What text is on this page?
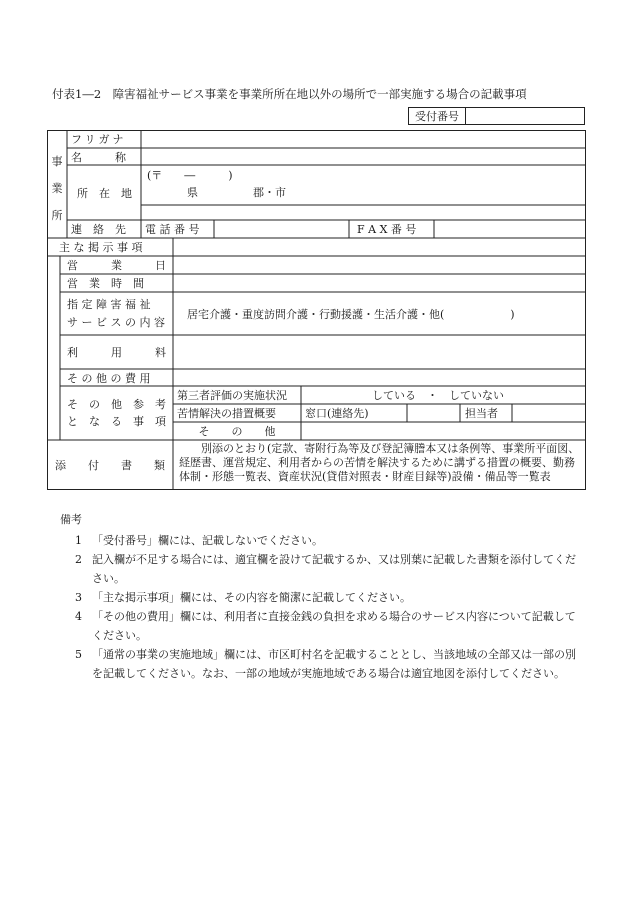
付表1―2　障害福祉サービス事業を事業所所在地以外の場所で一部実施する場合の記載事項
受付番号
事
業
所
フリガナ
名　　　称
所　在　地
(〒　　―　　　)
県　　　　　郡・市
連　絡　先	電 話 番 号	F A X 番 号
主 な 掲 示 事 項
営　　　業　　　日
営　業　時　間
指 定 障 害 福 祉
サ ー ビ ス の 内 容
居宅介護・重度訪問介護・行動援護・生活介護・他(　　　　　　)
利　　　用　　　料
そ の 他 の 費 用
そ　の　他　参　考
と　な　る　事　項
第三者評価の実施状況	している　・　していない
苦情解決の措置概要	窓口(連絡先)	担当者
そ　　の　　他
添　　付　　書　　類
別添のとおり(定款、寄附行為等及び登記簿謄本又は条例等、事業所平面図、経歴書、運営規定、利用者からの苦情を解決するために講ずる措置の概要、勤務体制・形態一覧表、資産状況(貸借対照表・財産目録等)設備・備品等一覧表
備考
1 「受付番号」欄には、記載しないでください。
2 記入欄が不足する場合には、適宜欄を設けて記載するか、又は別葉に記載した書類を添付してください。
3 「主な掲示事項」欄には、その内容を簡潔に記載してください。
4 「その他の費用」欄には、利用者に直接金銭の負担を求める場合のサービス内容について記載してください。
5 「通常の事業の実施地域」欄には、市区町村名を記載することとし、当該地域の全部又は一部の別を記載してください。なお、一部の地域が実施地域である場合は適宜地図を添付してください。
